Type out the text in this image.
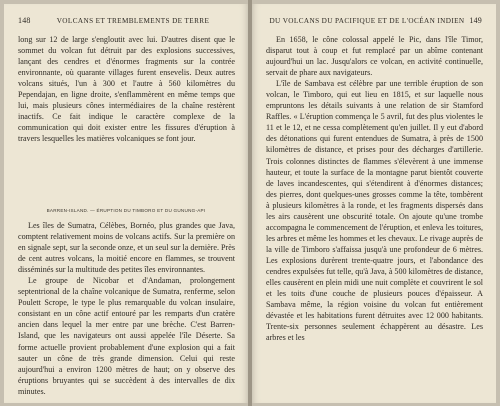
148	VOLCANS ET TREMBLEMENTS DE TERRE

long sur 12 de large s'engloutit avec lui. D'autres disent que le sommet du volcan fut détruit par des explosions successives, lançant des cendres et d'énormes fragments sur la contrée environnante, où quarante villages furent ensevelis. Deux autres volcans situés, l'un à 300 et l'autre à 560 kilomètres du Pependajan, en ligne droite, s'enflammèrent en même temps que lui, mais plusieurs cônes intermédiaires de la chaîne restèrent inactifs. Ce fait indique le caractère complexe de la communication qui doit exister entre les fissures d'éruption à travers lesquelles les matières volcaniques se font jour.

BARREN-ISLAND. — ÉRUPTION DU TIMBORO ET DU GUNUNG-API

Les îles de Sumatra, Célèbes, Bornéo, plus grandes que Java, comptent relativement moins de volcans actifs. Sur la première on en signale sept, sur la seconde onze, et un seul sur la dernière. Près de cent autres volcans, la moitié encore en flammes, se trouvent disséminés sur la multitude des petites îles environnantes.

Le groupe de Nicobar et d'Andaman, prolongement septentrional de la chaîne volcanique de Sumatra, renferme, selon Poulett Scrope, le type le plus remarquable du volcan insulaire, consistant en un cône actif entouré par les remparts d'un cratère ancien dans lequel la mer entre par une brèche. C'est Barren-Island, que les navigateurs ont aussi appelée l'île Déserte. Sa forme actuelle provient probablement d'une explosion qui a fait sauter un cône de très grande dimension. Celui qui reste aujourd'hui a environ 1200 mètres de haut; on y observe des éruptions bruyantes qui se succèdent à des intervalles de dix minutes.

DU VOLCANS DU PACIFIQUE ET DE L'OCÉAN INDIEN 149

En 1658, le cône colossal appelé le Pic, dans l'île Timor, disparut tout à coup et fut remplacé par un abîme contenant aujourd'hui un lac. Jusqu'alors ce volcan, en activité continuelle, servait de phare aux navigateurs.

L'île de Sambava est célèbre par une terrible éruption de son volcan, le Timboro, qui eut lieu en 1815, et sur laquelle nous empruntons les détails suivants à une relation de sir Stamford Raffles. « L'éruption commença le 5 avril, fut des plus violentes le 11 et le 12, et ne cessa complètement qu'en juillet. Il y eut d'abord des détonations qui furent entendues de Sumatra, à près de 1500 kilomètres de distance, et prises pour des décharges d'artillerie. Trois colonnes distinctes de flammes s'élevèrent à une immense hauteur, et toute la surface de la montagne parut bientôt couverte de laves incandescentes, qui s'étendirent à d'énormes distances; des pierres, dont quelques-unes grosses comme la tête, tombèrent à plusieurs kilomètres à la ronde, et les fragments dispersés dans les airs causèrent une obscurité totale. On ajoute qu'une trombe accompagna le commencement de l'éruption, et enleva les toitures, les arbres et même les hommes et les chevaux. Le rivage auprès de la ville de Timboro s'affaissa jusqu'à une profondeur de 6 mètres. Les explosions durèrent trente-quatre jours, et l'abondance des cendres expulsées fut telle, qu'à Java, à 500 kilomètres de distance, elles causèrent en plein midi une nuit complète et couvrirent le sol et les toits d'une couche de plusieurs pouces d'épaisseur. A Sambava même, la région voisine du volcan fut entièrement dévastée et les habitations furent détruites avec 12 000 habitants. Trente-six personnes seulement échappèrent au désastre. Les arbres et les
